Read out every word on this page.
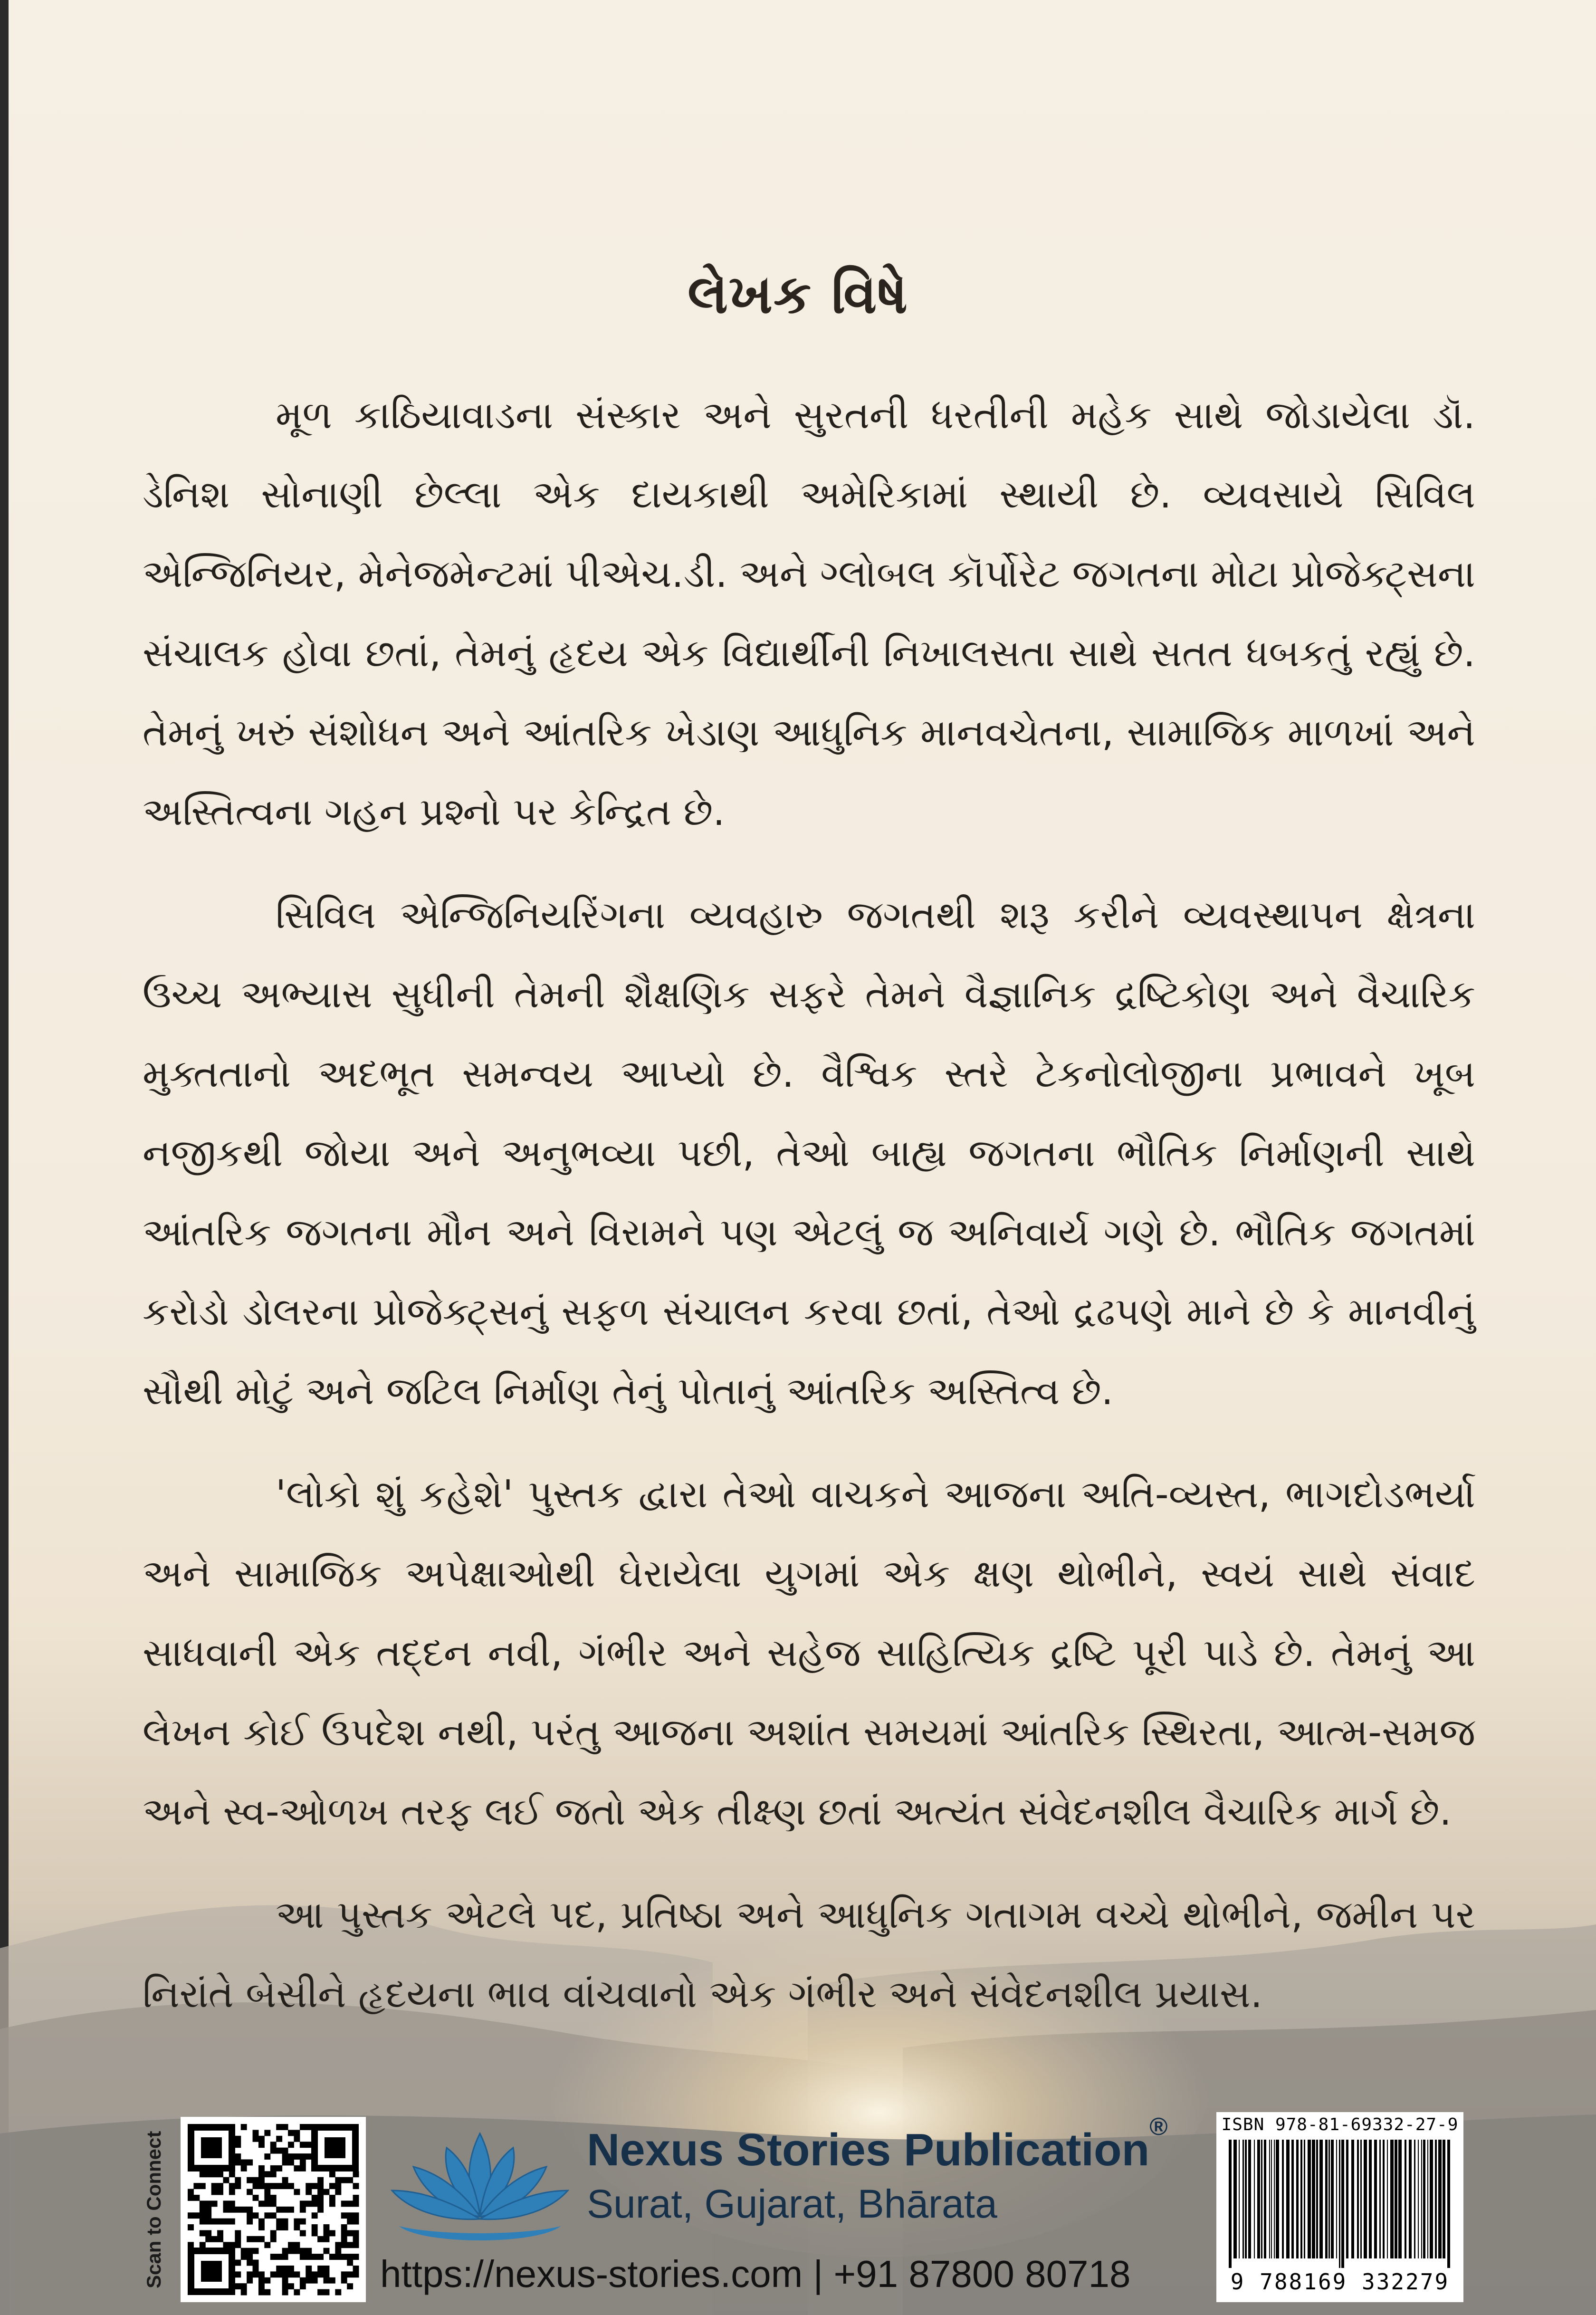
લેખક વિષે

મૂળ કાઠિયાવાડના સંસ્કાર અને સુરતની ધરતીની મહેક સાથે જોડાયેલા ડૉ. ડેનિશ સોનાણી છેલ્લા એક દાયકાથી અમેરિકામાં સ્થાયી છે. વ્યવસાયે સિવિલ એન્જિનિયર, મેનેજમેન્ટમાં પીએચ.ડી. અને ગ્લોબલ કૉર્પોરેટ જગતના મોટા પ્રોજેક્ટ્સના સંચાલક હોવા છતાં, તેમનું હૃદય એક વિદ્યાર્થીની નિખાલસતા સાથે સતત ધબકતું રહ્યું છે. તેમનું ખરું સંશોધન અને આંતરિક ખેડાણ આધુનિક માનવચેતના, સામાજિક માળખાં અને અસ્તિત્વના ગહન પ્રશ્નો પર કેન્દ્રિત છે.

સિવિલ એન્જિનિયરિંગના વ્યવહારુ જગતથી શરૂ કરીને વ્યવસ્થાપન ક્ષેત્રના ઉચ્ચ અભ્યાસ સુધીની તેમની શૈક્ષણિક સફરે તેમને વૈજ્ઞાનિક દ્રષ્ટિકોણ અને વૈચારિક મુક્તતાનો અદભૂત સમન્વય આપ્યો છે. વૈશ્વિક સ્તરે ટેકનોલોજીના પ્રભાવને ખૂબ નજીકથી જોયા અને અનુભવ્યા પછી, તેઓ બાહ્ય જગતના ભૌતિક નિર્માણની સાથે આંતરિક જગતના મૌન અને વિરામને પણ એટલું જ અનિવાર્ય ગણે છે. ભૌતિક જગતમાં કરોડો ડોલરના પ્રોજેક્ટ્સનું સફળ સંચાલન કરવા છતાં, તેઓ દ્રઢપણે માને છે કે માનવીનું સૌથી મોટું અને જટિલ નિર્માણ તેનું પોતાનું આંતરિક અસ્તિત્વ છે.

'લોકો શું કહેશે' પુસ્તક દ્વારા તેઓ વાચકને આજના અતિ-વ્યસ્ત, ભાગદોડભર્યા અને સામાજિક અપેક્ષાઓથી ઘેરાયેલા યુગમાં એક ક્ષણ થોભીને, સ્વયં સાથે સંવાદ સાધવાની એક તદ્દન નવી, ગંભીર અને સહેજ સાહિત્યિક દ્રષ્ટિ પૂરી પાડે છે. તેમનું આ લેખન કોઈ ઉપદેશ નથી, પરંતુ આજના અશાંત સમયમાં આંતરિક સ્થિરતા, આત્મ-સમજ અને સ્વ-ઓળખ તરફ લઈ જતો એક તીક્ષ્ણ છતાં અત્યંત સંવેદનશીલ વૈચારિક માર્ગ છે.

આ પુસ્તક એટલે પદ, પ્રતિષ્ઠા અને આધુનિક ગતાગમ વચ્ચે થોભીને, જમીન પર નિરાંતે બેસીને હૃદયના ભાવ વાંચવાનો એક ગંભીર અને સંવેદનશીલ પ્રયાસ.

Scan to Connect	Nexus Stories Publication®
Surat, Gujarat, Bhārata
https://nexus-stories.com | +91 87800 80718
ISBN 978-81-69332-27-9
9 788169 332279
